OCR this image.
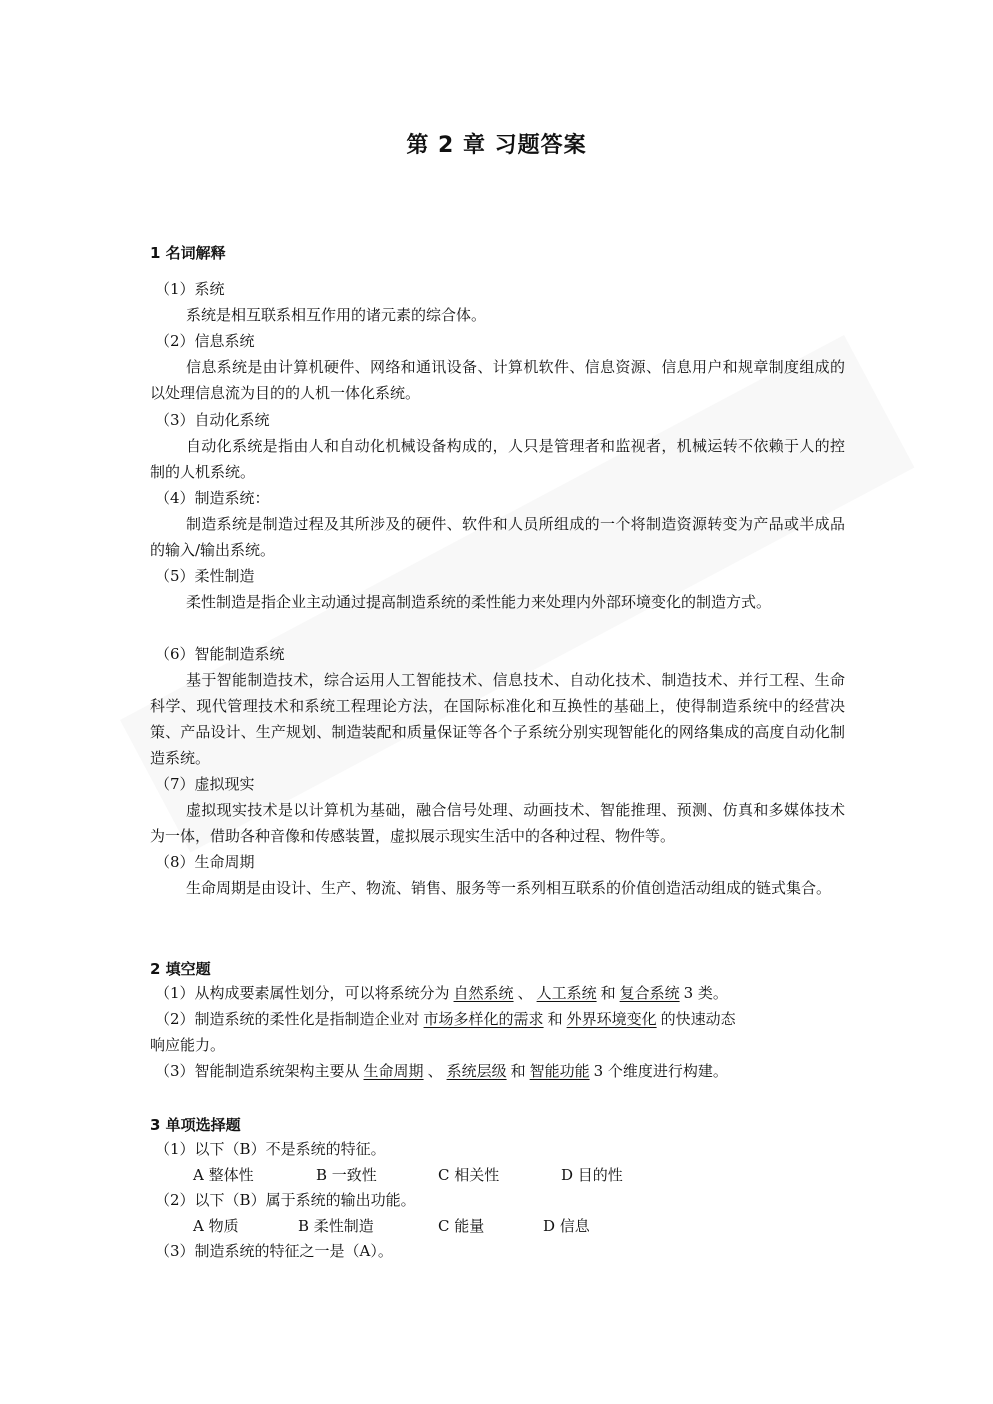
第 2 章 习题答案
1 名词解释
（1）系统
系统是相互联系相互作用的诸元素的综合体。
（2）信息系统
信息系统是由计算机硬件、网络和通讯设备、计算机软件、信息资源、信息用户和规章制度组成的以处理信息流为目的的人机一体化系统。
（3）自动化系统
自动化系统是指由人和自动化机械设备构成的，人只是管理者和监视者，机械运转不依赖于人的控制的人机系统。
（4）制造系统：
制造系统是制造过程及其所涉及的硬件、软件和人员所组成的一个将制造资源转变为产品或半成品的输入/输出系统。
（5）柔性制造
柔性制造是指企业主动通过提高制造系统的柔性能力来处理内外部环境变化的制造方式。
（6）智能制造系统
基于智能制造技术，综合运用人工智能技术、信息技术、自动化技术、制造技术、并行工程、生命科学、现代管理技术和系统工程理论方法，在国际标准化和互换性的基础上，使得制造系统中的经营决策、产品设计、生产规划、制造装配和质量保证等各个子系统分别实现智能化的网络集成的高度自动化制造系统。
（7）虚拟现实
虚拟现实技术是以计算机为基础，融合信号处理、动画技术、智能推理、预测、仿真和多媒体技术为一体，借助各种音像和传感装置，虚拟展示现实生活中的各种过程、物件等。
（8）生命周期
生命周期是由设计、生产、物流、销售、服务等一系列相互联系的价值创造活动组成的链式集合。
2 填空题
（1）从构成要素属性划分，可以将系统分为 自然系统 、 人工系统 和 复合系统 3 类。
（2）制造系统的柔性化是指制造企业对 市场多样化的需求 和 外界环境变化 的快速动态
响应能力。
（3）智能制造系统架构主要从 生命周期 、 系统层级 和 智能功能 3 个维度进行构建。
3 单项选择题
（1）以下（B）不是系统的特征。
A 整体性	B 一致性	C 相关性	D 目的性
（2）以下（B）属于系统的输出功能。
A 物质	B 柔性制造	C 能量	D 信息
（3）制造系统的特征之一是（A）。
